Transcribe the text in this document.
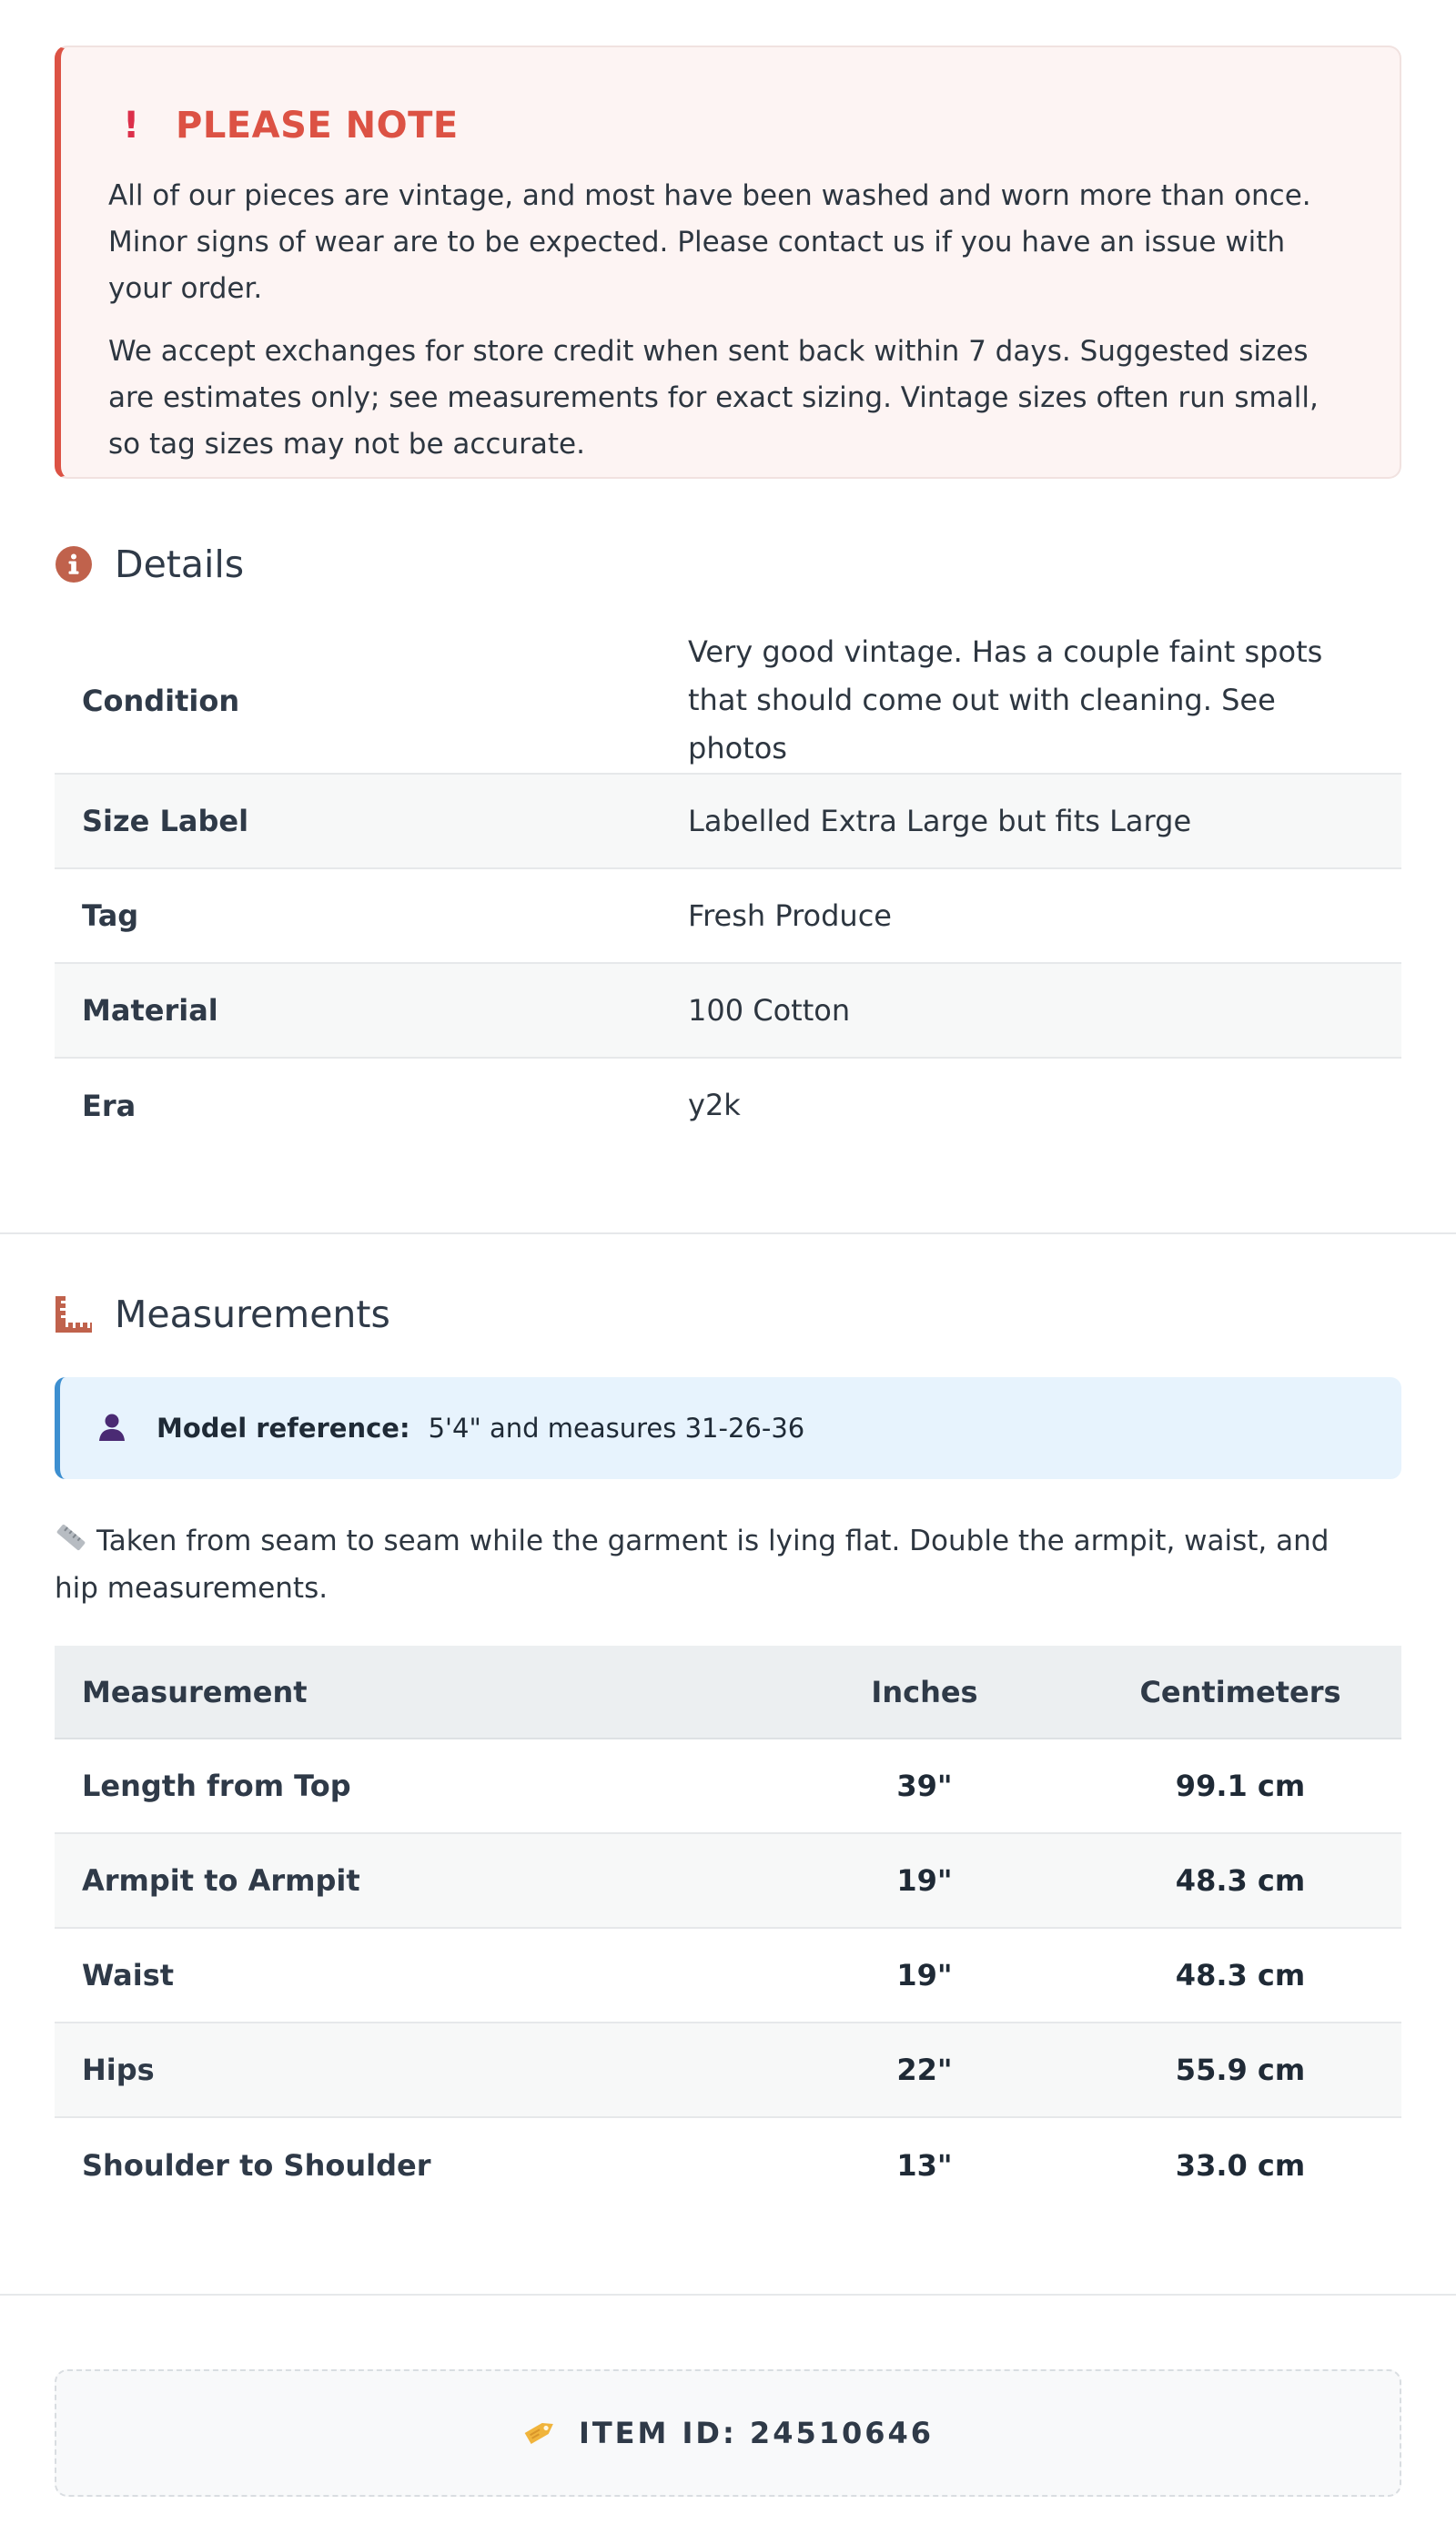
! PLEASE NOTE

All of our pieces are vintage, and most have been washed and worn more than once. Minor signs of wear are to be expected. Please contact us if you have an issue with your order.

We accept exchanges for store credit when sent back within 7 days. Suggested sizes are estimates only; see measurements for exact sizing. Vintage sizes often run small, so tag sizes may not be accurate.

Details
Condition	Very good vintage. Has a couple faint spots that should come out with cleaning. See photos
Size Label	Labelled Extra Large but fits Large
Tag	Fresh Produce
Material	100 Cotton
Era	y2k
Measurements
Model reference: 5'4" and measures 31-26-36
Taken from seam to seam while the garment is lying flat. Double the armpit, waist, and hip measurements.
Measurement	Inches	Centimeters
Length from Top	39"	99.1 cm
Armpit to Armpit	19"	48.3 cm
Waist	19"	48.3 cm
Hips	22"	55.9 cm
Shoulder to Shoulder	13"	33.0 cm
ITEM ID: 24510646
